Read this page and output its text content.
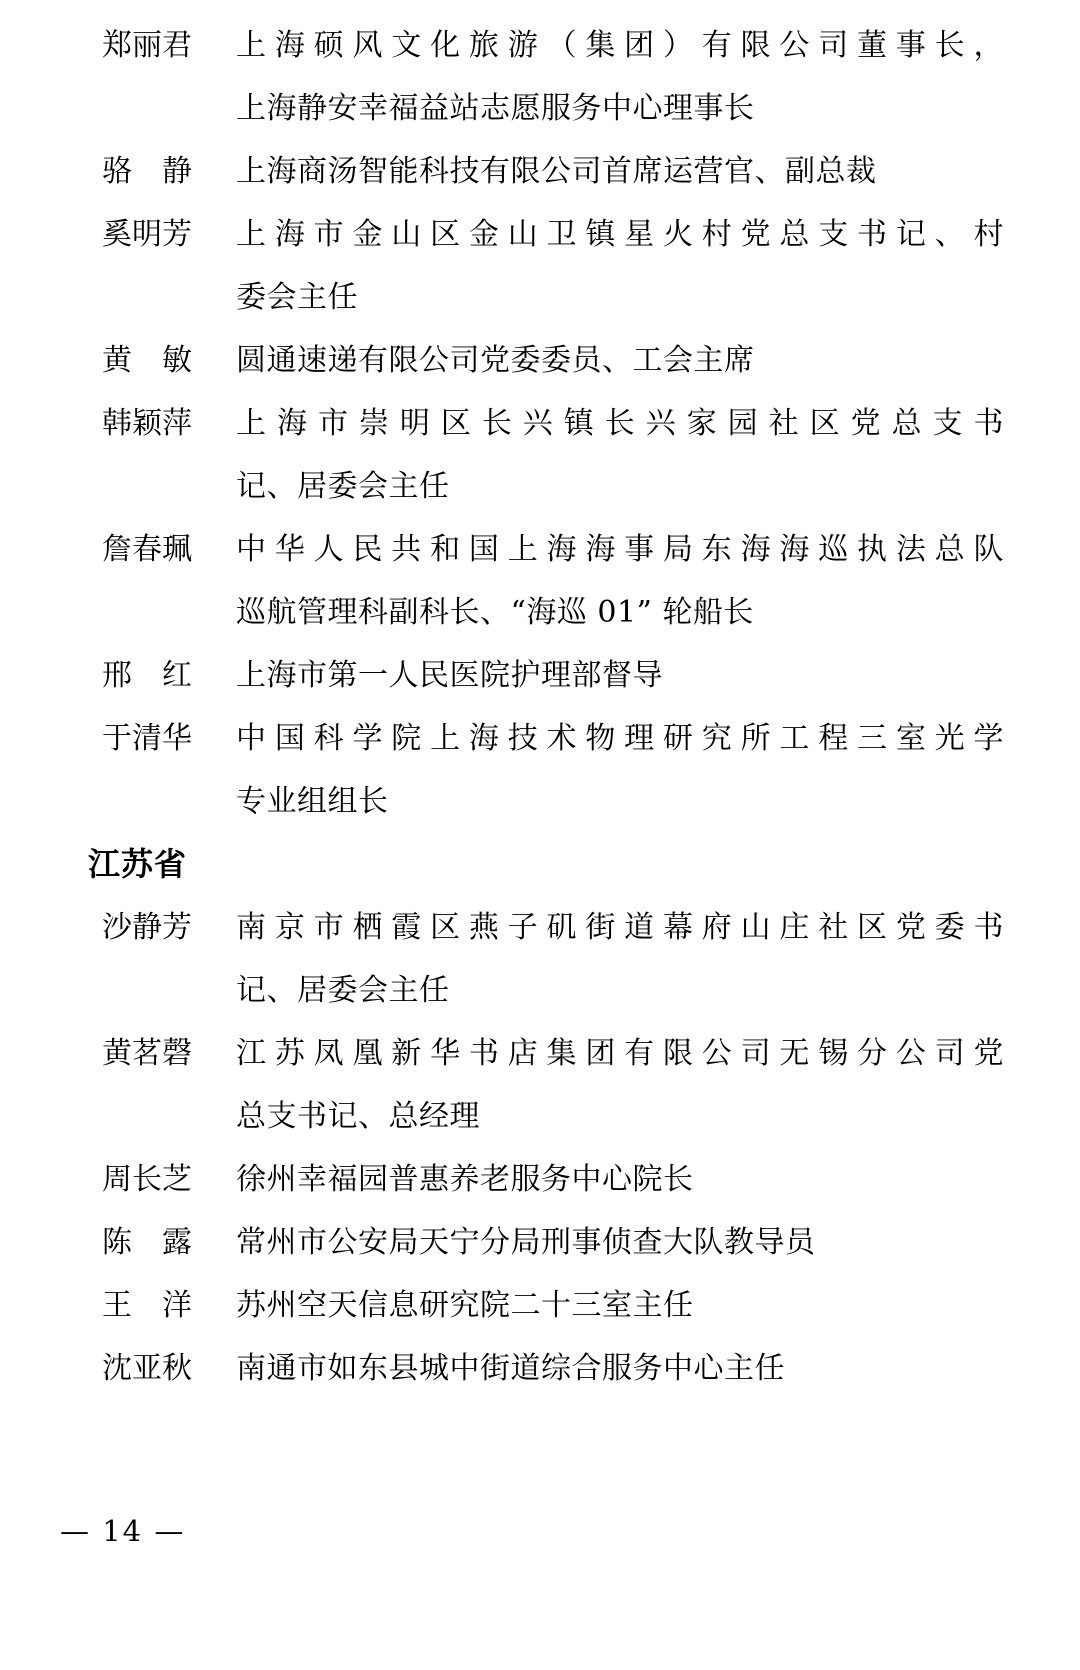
郑丽君	上海硕风文化旅游（集团）有限公司董事长，
上海静安幸福益站志愿服务中心理事长
骆　静	上海商汤智能科技有限公司首席运营官、副总裁
奚明芳	上海市金山区金山卫镇星火村党总支书记、村
委会主任
黄　敏	圆通速递有限公司党委委员、工会主席
韩颖萍	上海市崇明区长兴镇长兴家园社区党总支书
记、居委会主任
詹春珮	中华人民共和国上海海事局东海海巡执法总队
巡航管理科副科长、“海巡 01” 轮船长
邢　红	上海市第一人民医院护理部督导
于清华	中国科学院上海技术物理研究所工程三室光学
专业组组长
江苏省
沙静芳	南京市栖霞区燕子矶街道幕府山庄社区党委书
记、居委会主任
黄茗磬	江苏凤凰新华书店集团有限公司无锡分公司党
总支书记、总经理
周长芝	徐州幸福园普惠养老服务中心院长
陈　露	常州市公安局天宁分局刑事侦查大队教导员
王　洋	苏州空天信息研究院二十三室主任
沈亚秋	南通市如东县城中街道综合服务中心主任
— 14 —
